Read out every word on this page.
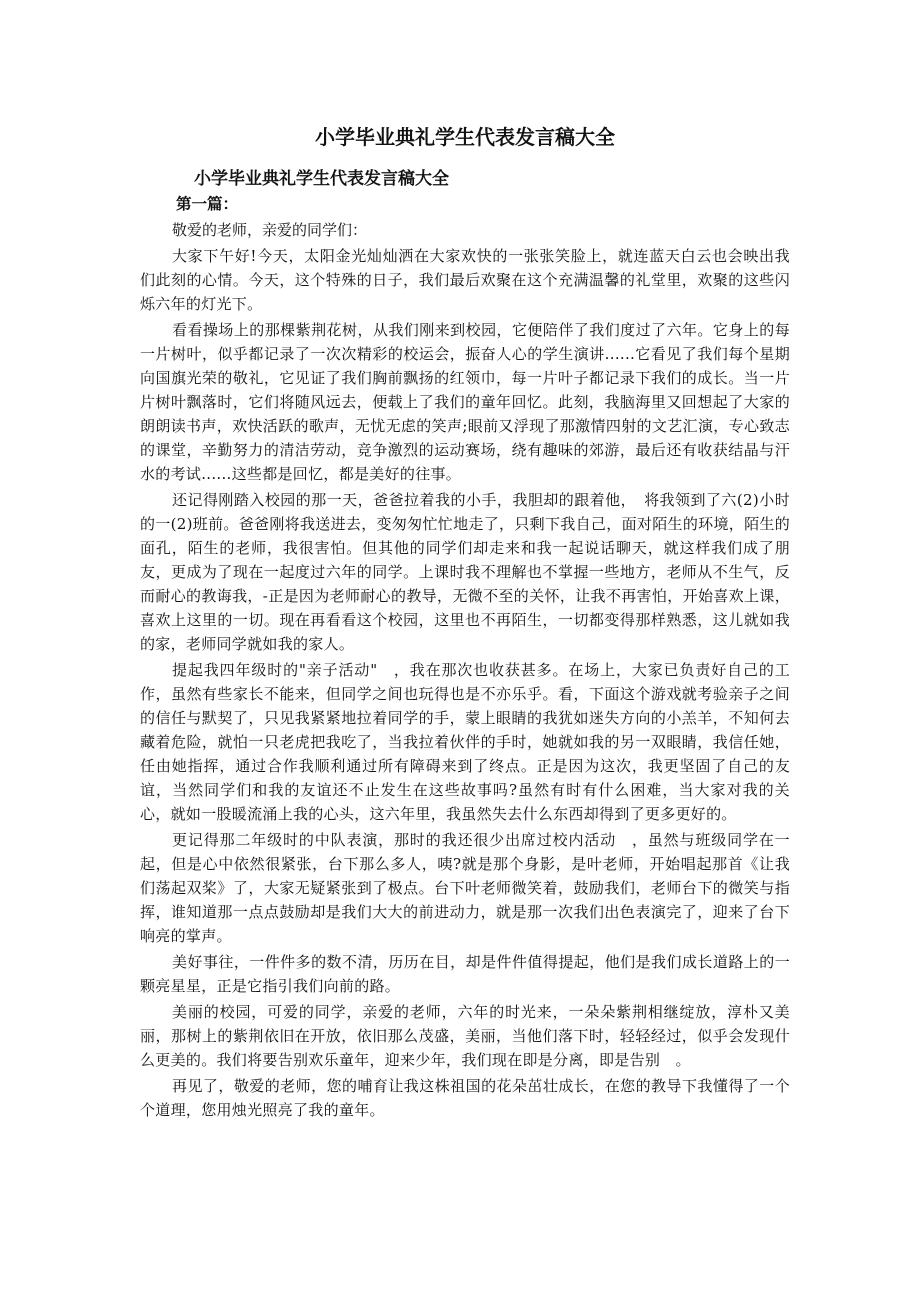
小学毕业典礼学生代表发言稿大全
小学毕业典礼学生代表发言稿大全
第一篇：
敬爱的老师，亲爱的同学们：

大家下午好!今天，太阳金光灿灿洒在大家欢快的一张张笑脸上，就连蓝天白云也会映出我们此刻的心情。今天，这个特殊的日子，我们最后欢聚在这个充满温馨的礼堂里，欢聚的这些闪烁六年的灯光下。

看看操场上的那棵紫荆花树，从我们刚来到校园，它便陪伴了我们度过了六年。它身上的每一片树叶，似乎都记录了一次次精彩的校运会，振奋人心的学生演讲......它看见了我们每个星期向国旗光荣的敬礼，它见证了我们胸前飘扬的红领巾，每一片叶子都记录下我们的成长。当一片片树叶飘落时，它们将随风远去，便载上了我们的童年回忆。此刻，我脑海里又回想起了大家的朗朗读书声，欢快活跃的歌声，无忧无虑的笑声;眼前又浮现了那激情四射的文艺汇演，专心致志的课堂，辛勤努力的清洁劳动，竞争激烈的运动赛场，绕有趣味的郊游，最后还有收获结晶与汗水的考试......这些都是回忆，都是美好的往事。

还记得刚踏入校园的那一天，爸爸拉着我的小手，我胆却的跟着他，　将我领到了六(2)小时的一(2)班前。爸爸刚将我送进去，变匆匆忙忙地走了，只剩下我自己，面对陌生的环境，陌生的面孔，陌生的老师，我很害怕。但其他的同学们却走来和我一起说话聊天，就这样我们成了朋友，更成为了现在一起度过六年的同学。上课时我不理解也不掌握一些地方，老师从不生气，反而耐心的教诲我，-正是因为老师耐心的教导，无微不至的关怀，让我不再害怕，开始喜欢上课，喜欢上这里的一切。现在再看看这个校园，这里也不再陌生，一切都变得那样熟悉，这儿就如我的家，老师同学就如我的家人。

提起我四年级时的"亲子活动"　，我在那次也收获甚多。在场上，大家已负责好自己的工作，虽然有些家长不能来，但同学之间也玩得也是不亦乐乎。看，下面这个游戏就考验亲子之间的信任与默契了，只见我紧紧地拉着同学的手，蒙上眼睛的我犹如迷失方向的小羔羊，不知何去藏着危险，就怕一只老虎把我吃了，当我拉着伙伴的手时，她就如我的另一双眼睛，我信任她，任由她指挥，通过合作我顺利通过所有障碍来到了终点。正是因为这次，我更坚固了自己的友谊，当然同学们和我的友谊还不止发生在这些故事吗?虽然有时有什么困难，当大家对我的关心，就如一股暖流涌上我的心头，这六年里，我虽然失去什么东西却得到了更多更好的。

更记得那二年级时的中队表演，那时的我还很少出席过校内活动　，虽然与班级同学在一起，但是心中依然很紧张，台下那么多人，咦?就是那个身影，是叶老师，开始唱起那首《让我们荡起双桨》了，大家无疑紧张到了极点。台下叶老师微笑着，鼓励我们，老师台下的微笑与指挥，谁知道那一点点鼓励却是我们大大的前进动力，就是那一次我们出色表演完了，迎来了台下响亮的掌声。

美好事往，一件件多的数不清，历历在目，却是件件值得提起，他们是我们成长道路上的一颗亮星星，正是它指引我们向前的路。

美丽的校园，可爱的同学，亲爱的老师，六年的时光来，一朵朵紫荆相继绽放，淳朴又美丽，那树上的紫荆依旧在开放，依旧那么茂盛，美丽，当他们落下时，轻轻经过，似乎会发现什么更美的。我们将要告别欢乐童年，迎来少年，我们现在即是分离，即是告别　。

再见了，敬爱的老师，您的哺育让我这株祖国的花朵茁壮成长，在您的教导下我懂得了一个个道理，您用烛光照亮了我的童年。
